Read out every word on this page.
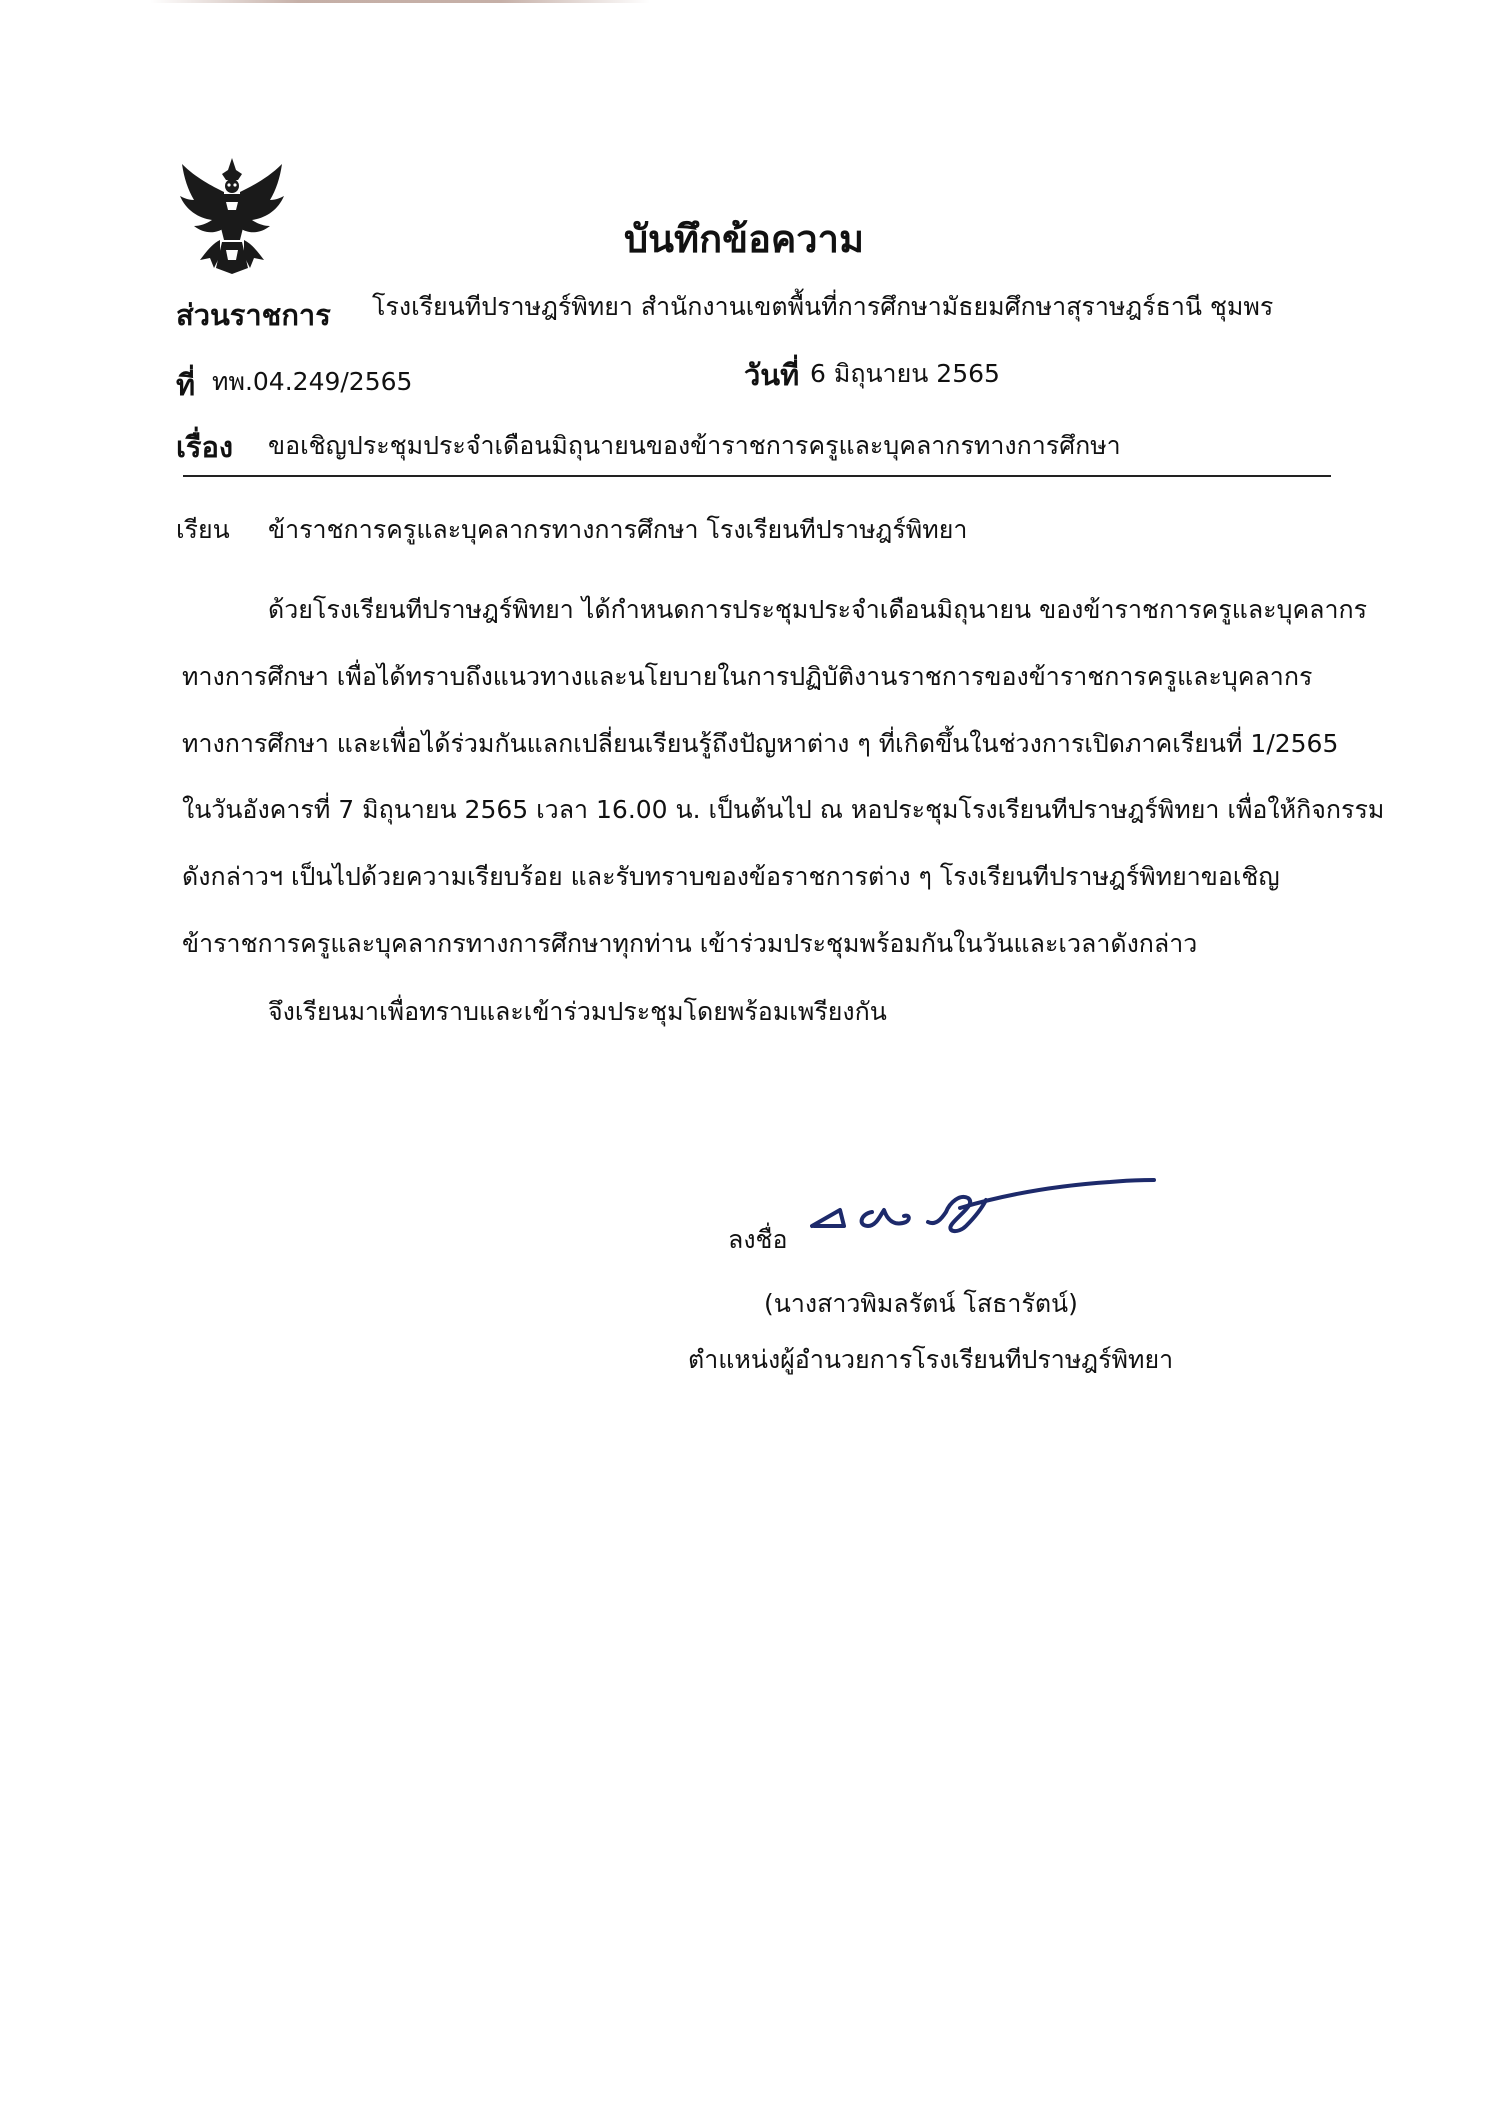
บันทึกข้อความ
ส่วนราชการ โรงเรียนทีปราษฎร์พิทยา สำนักงานเขตพื้นที่การศึกษามัธยมศึกษาสุราษฎร์ธานี ชุมพร
ที่ ทพ.04.249/2565	วันที่ 6 มิถุนายน 2565
เรื่อง ขอเชิญประชุมประจำเดือนมิถุนายนของข้าราชการครูและบุคลากรทางการศึกษา
เรียน ข้าราชการครูและบุคลากรทางการศึกษา โรงเรียนทีปราษฎร์พิทยา
ด้วยโรงเรียนทีปราษฎร์พิทยา ได้กำหนดการประชุมประจำเดือนมิถุนายน ของข้าราชการครูและบุคลากร
ทางการศึกษา เพื่อได้ทราบถึงแนวทางและนโยบายในการปฏิบัติงานราชการของข้าราชการครูและบุคลากร
ทางการศึกษา และเพื่อได้ร่วมกันแลกเปลี่ยนเรียนรู้ถึงปัญหาต่าง ๆ ที่เกิดขึ้นในช่วงการเปิดภาคเรียนที่ 1/2565
ในวันอังคารที่ 7 มิถุนายน 2565 เวลา 16.00 น. เป็นต้นไป ณ หอประชุมโรงเรียนทีปราษฎร์พิทยา เพื่อให้กิจกรรม
ดังกล่าวฯ เป็นไปด้วยความเรียบร้อย และรับทราบของข้อราชการต่าง ๆ โรงเรียนทีปราษฎร์พิทยาขอเชิญ
ข้าราชการครูและบุคลากรทางการศึกษาทุกท่าน เข้าร่วมประชุมพร้อมกันในวันและเวลาดังกล่าว
จึงเรียนมาเพื่อทราบและเข้าร่วมประชุมโดยพร้อมเพรียงกัน
ลงชื่อ
(นางสาวพิมลรัตน์ โสธารัตน์)
ตำแหน่งผู้อำนวยการโรงเรียนทีปราษฎร์พิทยา
